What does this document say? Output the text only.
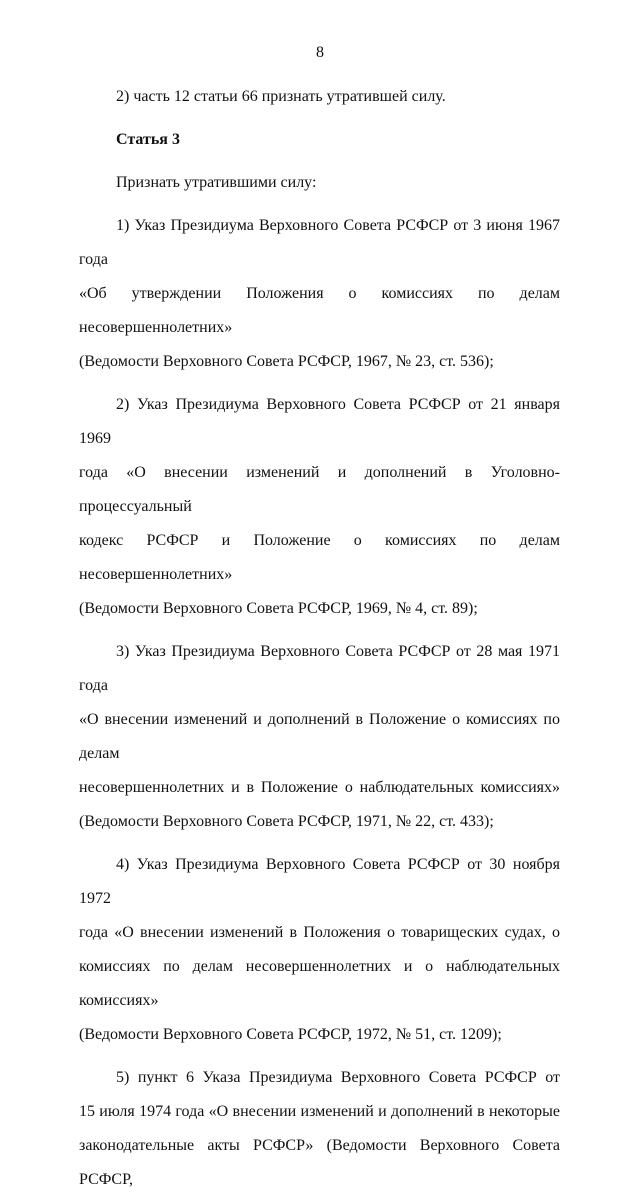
8

2) часть 12 статьи 66 признать утратившей силу.

Статья 3

Признать утратившими силу:

1) Указ Президиума Верховного Совета РСФСР от 3 июня 1967 года
«Об утверждении Положения о комиссиях по делам несовершеннолетних»
(Ведомости Верховного Совета РСФСР, 1967, № 23, ст. 536);

2) Указ Президиума Верховного Совета РСФСР от 21 января 1969
года «О внесении изменений и дополнений в Уголовно-процессуальный
кодекс РСФСР и Положение о комиссиях по делам несовершеннолетних»
(Ведомости Верховного Совета РСФСР, 1969, № 4, ст. 89);

3) Указ Президиума Верховного Совета РСФСР от 28 мая 1971 года
«О внесении изменений и дополнений в Положение о комиссиях по делам
несовершеннолетних и в Положение о наблюдательных комиссиях»
(Ведомости Верховного Совета РСФСР, 1971, № 22, ст. 433);

4) Указ Президиума Верховного Совета РСФСР от 30 ноября 1972
года «О внесении изменений в Положения о товарищеских судах, о
комиссиях по делам несовершеннолетних и о наблюдательных комиссиях»
(Ведомости Верховного Совета РСФСР, 1972, № 51, ст. 1209);

5) пункт 6 Указа Президиума Верховного Совета РСФСР от
15 июля 1974 года «О внесении изменений и дополнений в некоторые
законодательные акты РСФСР» (Ведомости Верховного Совета РСФСР,
